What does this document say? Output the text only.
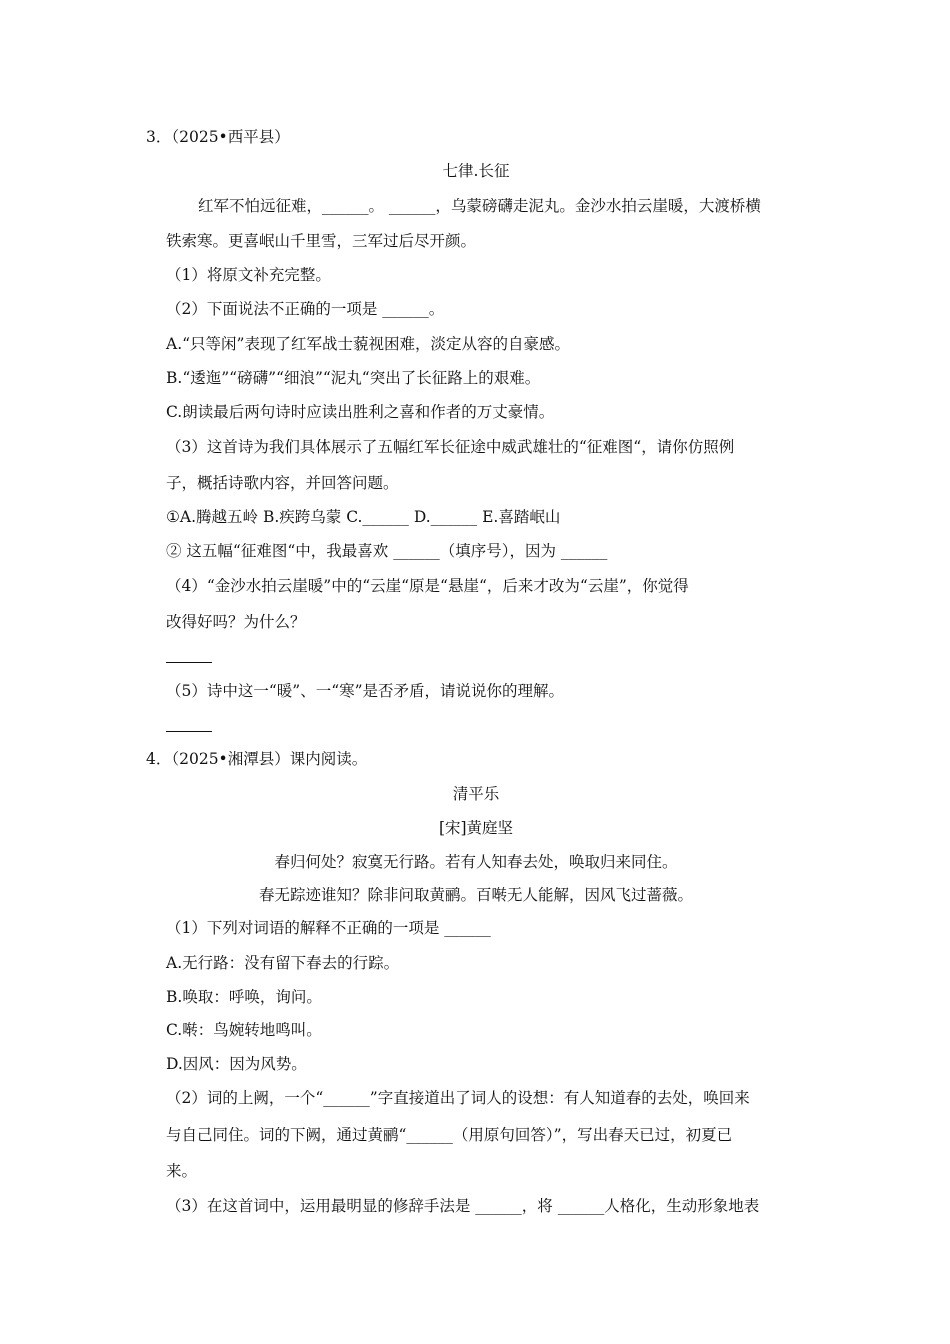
3．（2025•西平县）
七律.长征
红军不怕远征难，______。 ______，乌蒙磅礴走泥丸。金沙水拍云崖暖，大渡桥横
铁索寒。更喜岷山千里雪，三军过后尽开颜。
（1）将原文补充完整。
（2）下面说法不正确的一项是 ______。
A.“只等闲”表现了红军战士藐视困难，淡定从容的自豪感。
B.“逶迤”“磅礴”“细浪”“泥丸“突出了长征路上的艰难。
C.朗读最后两句诗时应读出胜利之喜和作者的万丈豪情。
（3）这首诗为我们具体展示了五幅红军长征途中威武雄壮的“征难图“，请你仿照例
子，概括诗歌内容，并回答问题。
①A.腾越五岭 B.疾跨乌蒙 C.______ D.______ E.喜踏岷山
② 这五幅“征难图“中，我最喜欢 ______（填序号），因为 ______
（4）“金沙水拍云崖暖”中的“云崖“原是“悬崖“，后来才改为“云崖”，你觉得
改得好吗？为什么？
（5）诗中这一“暖”、一“寒”是否矛盾，请说说你的理解。
4．（2025•湘潭县）课内阅读。
清平乐
[宋]黄庭坚
春归何处？寂寞无行路。若有人知春去处，唤取归来同住。
春无踪迹谁知？除非问取黄鹂。百啭无人能解，因风飞过蔷薇。
（1）下列对词语的解释不正确的一项是 ______
A.无行路：没有留下春去的行踪。
B.唤取：呼唤，询问。
C.啭：鸟婉转地鸣叫。
D.因风：因为风势。
（2）词的上阙，一个“______”字直接道出了词人的设想：有人知道春的去处，唤回来
与自己同住。词的下阙，通过黄鹂“______（用原句回答）”，写出春天已过，初夏已
来。
（3）在这首词中，运用最明显的修辞手法是 ______，将 ______人格化，生动形象地表
